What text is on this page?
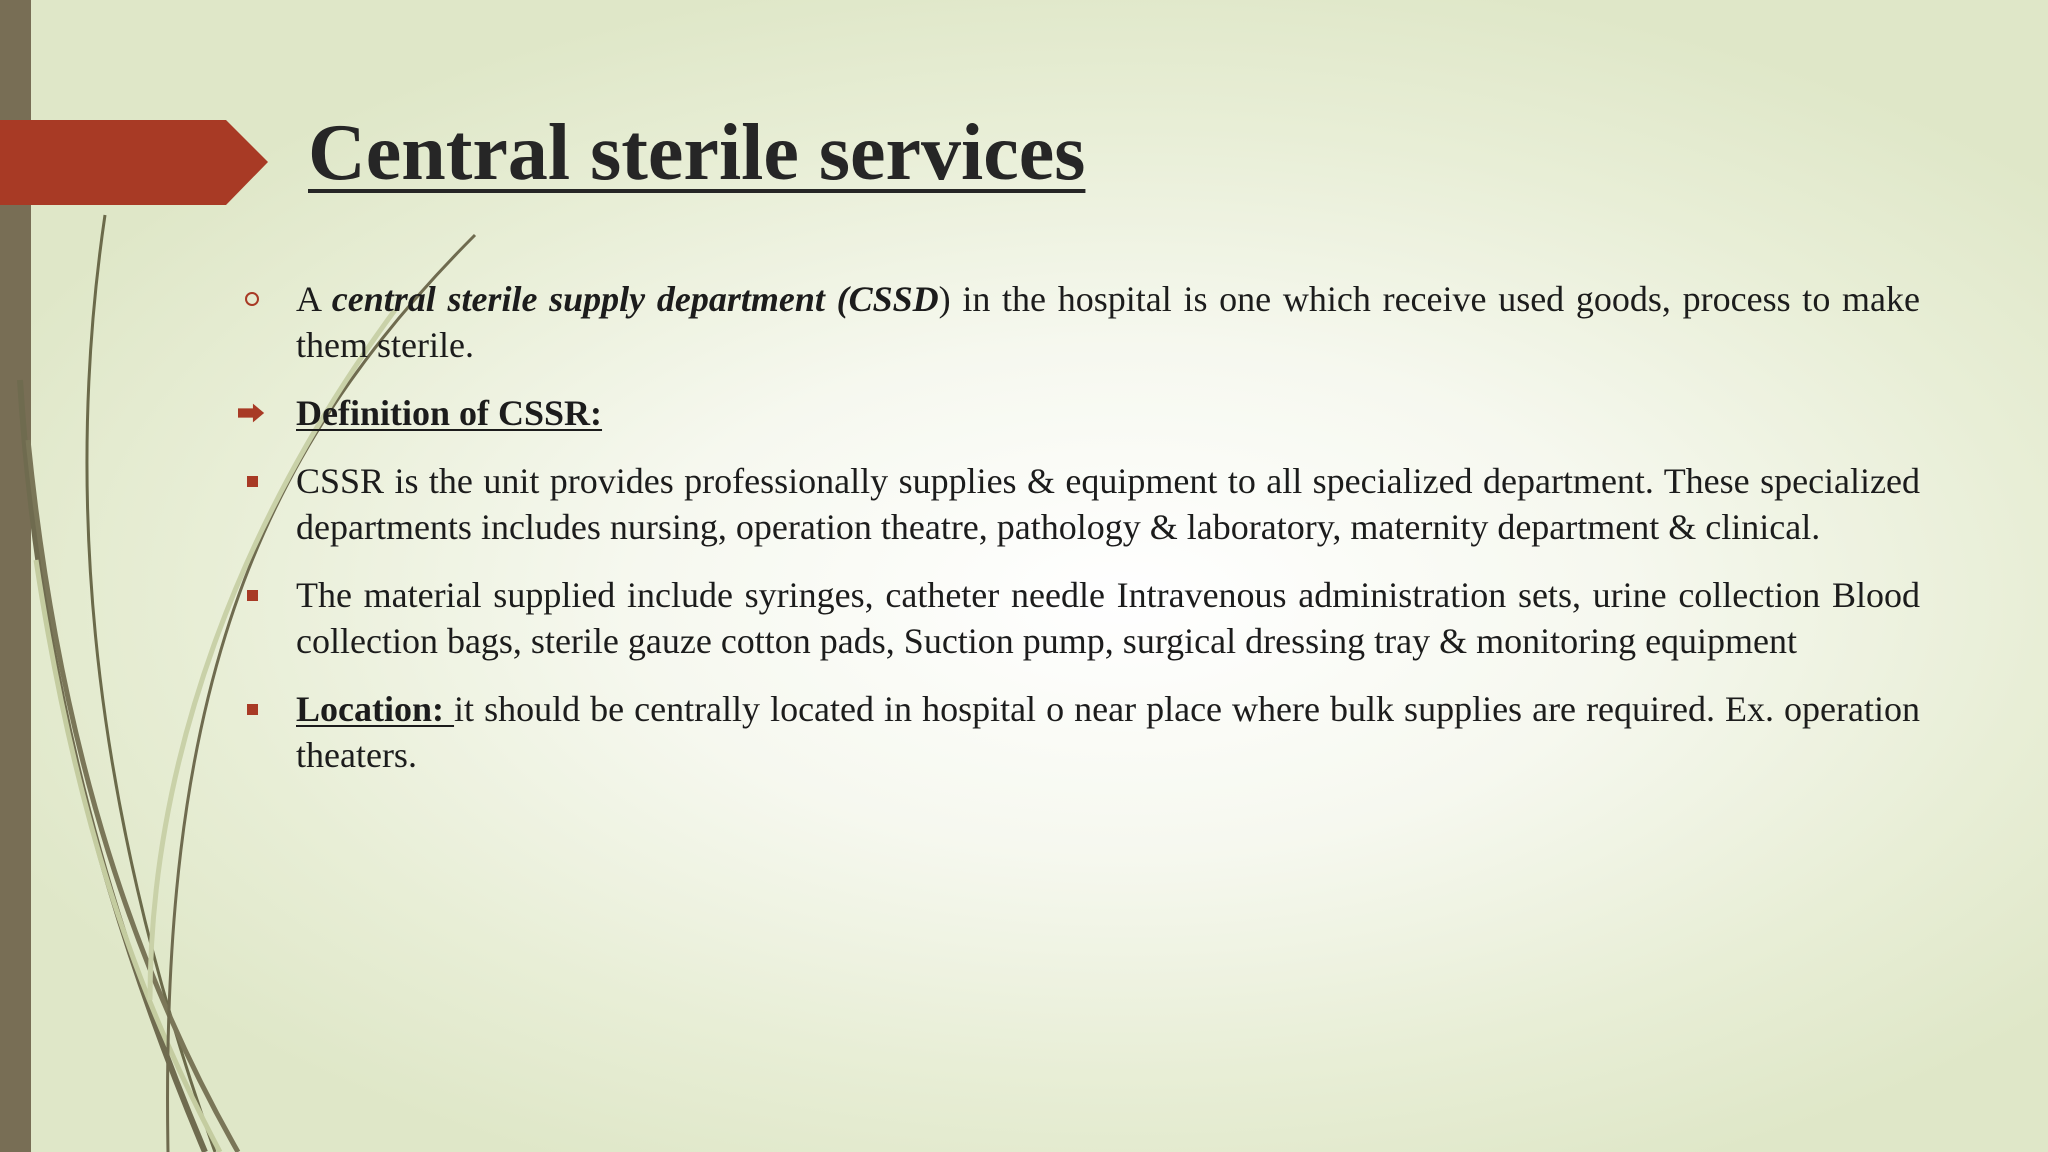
Central sterile services
A central sterile supply department (CSSD) in the hospital is one which receive used goods, process to make them sterile.
Definition of CSSR:
CSSR is the unit provides professionally supplies & equipment to all specialized department. These specialized departments includes nursing, operation theatre, pathology & laboratory, maternity department & clinical.
The material supplied include syringes, catheter needle Intravenous administration sets, urine collection Blood collection bags, sterile gauze cotton pads, Suction pump, surgical dressing tray & monitoring equipment
Location: it should be centrally located in hospital o near place where bulk supplies are required. Ex. operation theaters.
